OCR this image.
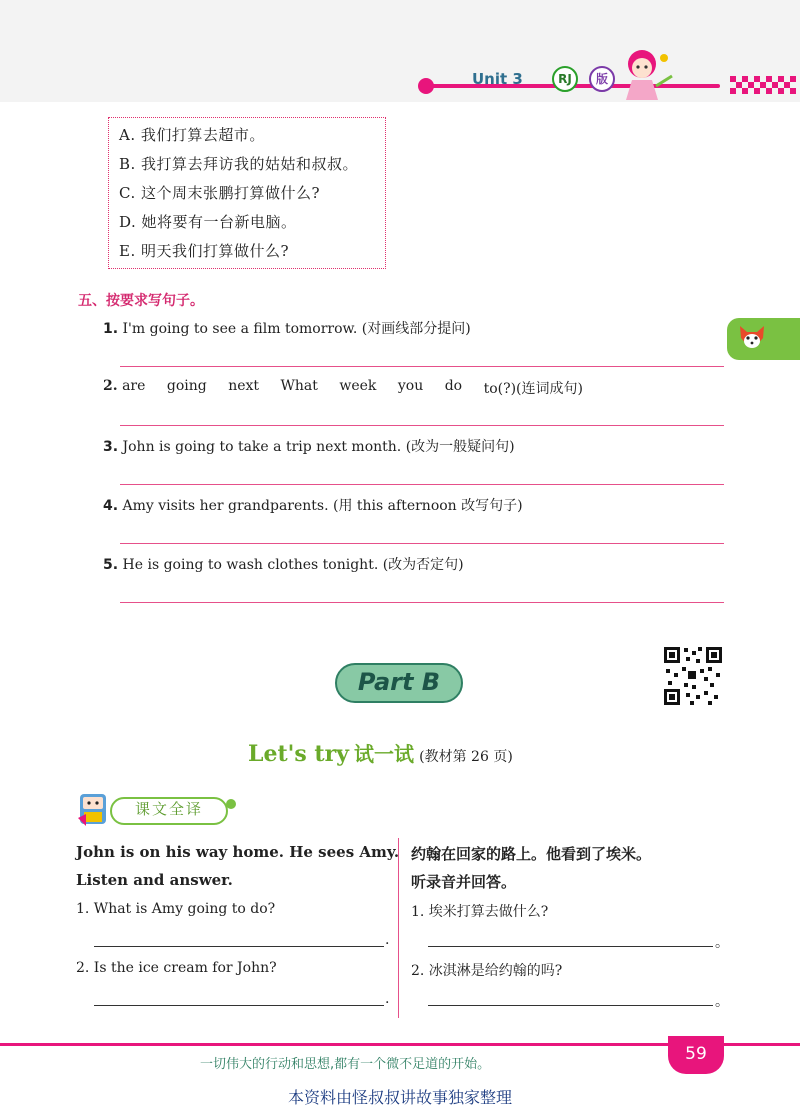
Unit 3	RJ	版
A. 我们打算去超市。
B. 我打算去拜访我的姑姑和叔叔。
C. 这个周末张鹏打算做什么?
D. 她将要有一台新电脑。
E. 明天我们打算做什么?
五、按要求写句子。
1. I'm going to see a film tomorrow. (对画线部分提问)
2. are going next What week you do to(?)(连词成句)
3. John is going to take a trip next month. (改为一般疑问句)
4. Amy visits her grandparents. (用 this afternoon 改写句子)
5. He is going to wash clothes tonight. (改为否定句)
Part B
Let's try 试一试 (教材第 26 页)
课文全译
John is on his way home. He sees Amy.
Listen and answer.
1. What is Amy going to do?
.
2. Is the ice cream for John?
.
约翰在回家的路上。他看到了埃米。
听录音并回答。
1. 埃米打算去做什么?
。
2. 冰淇淋是给约翰的吗?
。
一切伟大的行动和思想,都有一个微不足道的开始。
59
本资料由怪叔叔讲故事独家整理
